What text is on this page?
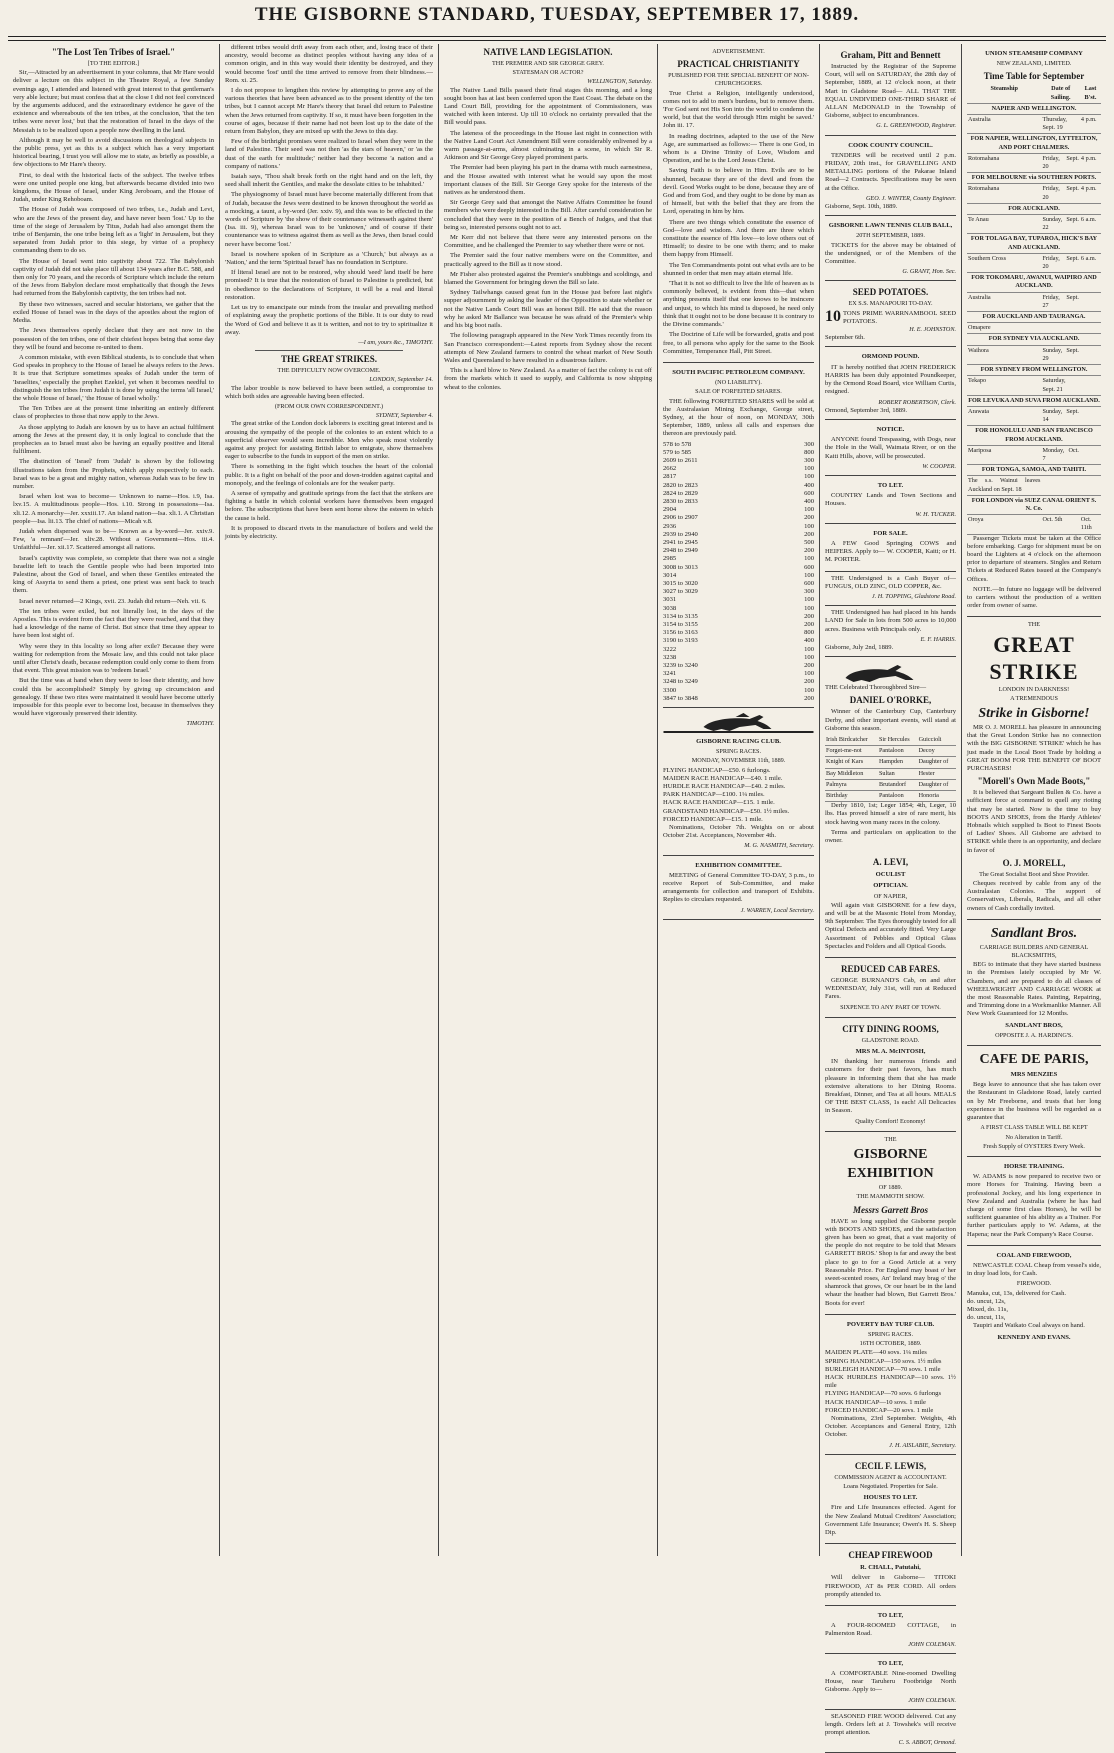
THE GISBORNE STANDARD, TUESDAY, SEPTEMBER 17, 1889.
"The Lost Ten Tribes of Israel."
[TO THE EDITOR.]

Sir,—Attracted by an advertisement in your columns, that Mr Hare would deliver a lecture on this subject in the Theatre Royal, a few Sunday evenings ago, I attended and listened with great interest to that gentleman's very able lecture; but must confess that at the close I did not feel convinced by the arguments adduced, and the extraordinary evidence he gave of the existence and whereabouts of the ten tribes, at the conclusion, 'that the ten tribes were never lost,' but that the restoration of Israel in the days of the Messiah is to be realized upon a people now dwelling in the land.

Although it may be well to avoid discussions on theological subjects in the public press, yet as this is a subject which has a very important historical bearing, I trust you will allow me to state, as briefly as possible, a few objections to Mr Hare's theory.

First, to deal with the historical facts of the subject. The twelve tribes were one united people one king, but afterwards became divided into two kingdoms, the House of Israel, under King Jeroboam, and the House of Judah, under King Rehoboam.

The House of Judah was composed of two tribes, i.e., Judah and Levi, who are the Jews of the present day, and have never been 'lost.' Up to the time of the siege of Jerusalem by Titus, Judah had also amongst them the tribe of Benjamin, the one tribe being left as a 'light' in Jerusalem, but they separated from Judah prior to this siege, by virtue of a prophecy commanding them to do so.

The House of Israel went into captivity about 722. The Babylonish captivity of Judah did not take place till about 134 years after B.C. 588, and then only for 70 years, and the records of Scripture which include the return of the Jews from Babylon declare most emphatically that though the Jews had returned from the Babylonish captivity, the ten tribes had not.

By these two witnesses, sacred and secular historians, we gather that the exiled House of Israel was in the days of the apostles about the region of Media.

The Jews themselves openly declare that they are not now in the possession of the ten tribes, one of their chiefest hopes being that some day they will be found and become re-united to them.

A common mistake, with even Biblical students, is to conclude that when God speaks in prophecy to the House of Israel he always refers to the Jews. It is true that Scripture sometimes speaks of Judah under the term of 'Israelites,' especially the prophet Ezekiel, yet when it becomes needful to distinguish the ten tribes from Judah it is done by using the terms 'all Israel,' the whole House of Israel,' 'the House of Israel wholly.'

The Ten Tribes are at the present time inheriting an entirely different class of prophecies to those that now apply to the Jews.

As those applying to Judah are known by us to have an actual fulfilment among the Jews at the present day, it is only logical to conclude that the prophecies as to Israel must also be having an equally positive and literal fulfilment.

The distinction of 'Israel' from 'Judah' is shown by the following illustrations taken from the Prophets, which apply respectively to each. Israel was to be a great and mighty nation, whereas Judah was to be few in number.

Israel when lost was to become— Unknown to name—Hos. i.9, Isa. lxv.15. A multitudinous people—Hos. i.10. Strong in possessions—Isa. xli.12. A monarchy—Jer. xxxiii.17. An island nation—Isa. xli.1. A Christian people—Isa. lii.13. The chief of nations—Micah v.8.

Judah when dispersed was to be— Known as a by-word—Jer. xxiv.9. Few, 'a remnant'—Jer. xliv.28. Without a Government—Hos. iii.4. Unfaithful—Jer. xii.17. Scattered amongst all nations.

Israel's captivity was complete, so complete that there was not a single Israelite left to teach the Gentile people who had been imported into Palestine, about the God of Israel, and when these Gentiles entreated the king of Assyria to send them a priest, one priest was sent back to teach them.

Israel never returned—2 Kings, xvii. 23. Judah did return—Neh. vii. 6.

The ten tribes were exiled, but not literally lost, in the days of the Apostles. This is evident from the fact that they were reached, and that they had a knowledge of the name of Christ. But since that time they appear to have been lost sight of.

Why were they in this locality so long after exile? Because they were waiting for redemption from the Mosaic law, and this could not take place until after Christ's death, because redemption could only come to them from that event. This great mission was to 'redeem Israel.'

But the time was at hand when they were to lose their identity, and how could this be accomplished? Simply by giving up circumcision and genealogy. If these two rites were maintained it would have become utterly impossible for this people ever to become lost, because in themselves they would have vigorously preserved their identity.

TIMOTHY.

different tribes would drift away from each other, and, losing trace of their ancestry, would become as distinct peoples without having any idea of a common origin, and in this way would their identity be destroyed, and they would become 'lost' until the time arrived to remove from their blindness.—Rom. xi. 25.

I do not propose to lengthen this review by attempting to prove any of the various theories that have been advanced as to the present identity of the ten tribes, but I cannot accept Mr Hare's theory that Israel did return to Palestine when the Jews returned from captivity. If so, it must have been forgotten in the course of ages, because if their name had not been lost up to the date of the return from Babylon, they are mixed up with the Jews to this day.

Few of the birthright promises were realized to Israel when they were in the land of Palestine. Their seed was not then 'as the stars of heaven,' or 'as the dust of the earth for multitude;' neither had they become 'a nation and a company of nations.'

Isaiah says, 'Thou shalt break forth on the right hand and on the left, thy seed shall inherit the Gentiles, and make the desolate cities to be inhabited.'

The physiognomy of Israel must have become materially different from that of Judah, because the Jews were destined to be known throughout the world as a mocking, a taunt, a by-word (Jer. xxiv. 9), and this was to be effected in the words of Scripture by 'the show of their countenance witnesseth against them' (Isa. iii. 9), whereas Israel was to be 'unknown,' and of course if their countenance was to witness against them as well as the Jews, then Israel could never have become 'lost.'

Israel is nowhere spoken of in Scripture as a 'Church,' but always as a 'Nation,' and the term 'Spiritual Israel' has no foundation in Scripture.

If literal Israel are not to be restored, why should 'seed' land itself be here promised? It is true that the restoration of Israel to Palestine is predicted, but in obedience to the declarations of Scripture, it will be a real and literal restoration.

Let us try to emancipate our minds from the insular and prevailing method of explaining away the prophetic portions of the Bible. It is our duty to read the Word of God and believe it as it is written, and not to try to spiritualize it away.

—I am, yours &c., TIMOTHY.
THE GREAT STRIKES.
THE DIFFICULTY NOW OVERCOME.
LONDON, September 14.

The labor trouble is now believed to have been settled, a compromise to which both sides are agreeable having been effected.

(FROM OUR OWN CORRESPONDENT.)
SYDNEY, September 4.

The great strike of the London dock laborers is exciting great interest and is arousing the sympathy of the people of the colonies to an extent which to a superficial observer would seem incredible. Men who speak most violently against any project for assisting British labor to emigrate, show themselves eager to subscribe to the funds in support of the men on strike.

There is something in the fight which touches the heart of the colonial public. It is a fight on behalf of the poor and down-trodden against capital and monopoly, and the feelings of colonials are for the weaker party.

A sense of sympathy and gratitude springs from the fact that the strikers are fighting a battle in which colonial workers have themselves been engaged before. The subscriptions that have been sent home show the esteem in which the cause is held.

It is proposed to discard rivets in the manufacture of boilers and weld the joints by electricity.

NATIVE LAND LEGISLATION.
THE PREMIER AND SIR GEORGE GREY.
STATESMAN OR ACTOR?
WELLINGTON, Saturday.

The Native Land Bills passed their final stages this morning, and a long sought boon has at last been conferred upon the East Coast. The debate on the Land Court Bill, providing for the appointment of Commissioners, was watched with keen interest. Up till 10 o'clock no certainty prevailed that the Bill would pass.

The lateness of the proceedings in the House last night in connection with the Native Land Court Act Amendment Bill were considerably enlivened by a warm passage-at-arms, almost culminating in a scene, in which Sir R. Atkinson and Sir George Grey played prominent parts.

The Premier had been playing his part in the drama with much earnestness, and the House awaited with interest what he would say upon the most important clauses of the Bill. Sir George Grey spoke for the interests of the natives as he understood them.

Sir George Grey said that amongst the Native Affairs Committee he found members who were deeply interested in the Bill. After careful consideration he concluded that they were in the position of a Bench of Judges, and that that being so, interested persons ought not to act.

Mr Kerr did not believe that there were any interested persons on the Committee, and he challenged the Premier to say whether there were or not.

The Premier said the four native members were on the Committee, and practically agreed to the Bill as it now stood.

Mr Fisher also protested against the Premier's snubbings and scoldings, and blamed the Government for bringing down the Bill so late.

Sydney Tailwhangs caused great fun in the House just before last night's supper adjournment by asking the leader of the Opposition to state whether or not the Native Lands Court Bill was an honest Bill. He said that the reason why he asked Mr Ballance was because he was afraid of the Premier's whip and his big boot nails.

The following paragraph appeared in the New York Times recently from its San Francisco correspondent:—Latest reports from Sydney show the recent attempts of New Zealand farmers to control the wheat market of New South Wales and Queensland to have resulted in a disastrous failure.

This is a hard blow to New Zealand. As a matter of fact the colony is cut off from the markets which it used to supply, and California is now shipping wheat to the colonies.

ADVERTISEMENT.
PRACTICAL CHRISTIANITY
PUBLISHED FOR THE SPECIAL BENEFIT OF NON-CHURCHGOERS.

True Christ a Religion, intelligently understood, comes not to add to men's burdens, but to remove them. 'For God sent not His Son into the world to condemn the world, but that the world through Him might be saved.' John iii. 17.

In reading doctrines, adapted to the use of the New Age, are summarised as follows:— There is one God, in whom is a Divine Trinity of Love, Wisdom and Operation, and he is the Lord Jesus Christ.

Saving Faith is to believe in Him. Evils are to be shunned, because they are of the devil and from the devil. Good Works ought to be done, because they are of God and from God, and they ought to be done by man as of himself, but with the belief that they are from the Lord, operating in him by him.

There are two things which constitute the essence of God—love and wisdom. And there are three which constitute the essence of His love—to love others out of Himself; to desire to be one with them; and to make them happy from Himself.

The Ten Commandments point out what evils are to be shunned in order that men may attain eternal life.

'That it is not so difficult to live the life of heaven as is commonly believed, is evident from this—that when anything presents itself that one knows to be insincere and unjust, to which his mind is disposed, he need only think that it ought not to be done because it is contrary to the Divine commands.'

The Doctrine of Life will be forwarded, gratis and post free, to all persons who apply for the same to the Book Committee, Temperance Hall, Pitt Street.

SOUTH PACIFIC PETROLEUM COMPANY.
(NO LIABILITY).
SALE OF FORFEITED SHARES.

THE following FORFEITED SHARES will be sold at the Australasian Mining Exchange, George street, Sydney, at the hour of noon, on MONDAY, 30th September, 1889, unless all calls and expenses due thereon are previously paid.

578 to 578	300
579 to 585	800
2609 to 2611	300
2662	100
2817	100
2820 to 2823	400
2824 to 2829	600
2830 to 2833	400
2904	100
2906 to 2907	200
2936	100
2939 to 2940	200
2941 to 2945	500
2948 to 2949	200
2985	100
3008 to 3013	600
3014	100
3015 to 3020	600
3027 to 3029	300
3031	100
3038	100
3134 to 3135	200
3154 to 3155	200
3156 to 3163	800
3190 to 3193	400
3222	100
3238	100
3239 to 3240	200
3241	100
3248 to 3249	200
3300	100
3847 to 3848	200
GISBORNE RACING CLUB.
SPRING RACES.
MONDAY, NOVEMBER 11th, 1889.
FLYING HANDICAP—£50. 6 furlongs.
MAIDEN RACE HANDICAP—£40. 1 mile.
HURDLE RACE HANDICAP—£40. 2 miles.
PARK HANDICAP—£100. 1¼ miles.
HACK RACE HANDICAP—£15. 1 mile.
GRANDSTAND HANDICAP—£50. 1½ miles.
FORCED HANDICAP—£15. 1 mile.

Nominations, October 7th. Weights on or about October 21st. Acceptances, November 4th.

M. G. NASMITH, Secretary.
EXHIBITION COMMITTEE.

MEETING of General Committee TO-DAY, 3 p.m., to receive Report of Sub-Committee, and make arrangements for collection and transport of Exhibits. Replies to circulars requested.

J. WARREN, Local Secretary.
Graham, Pitt and Bennett

Instructed by the Registrar of the Supreme Court, will sell on SATURDAY, the 28th day of September, 1889, at 12 o'clock noon, at their Mart in Gladstone Road— ALL THAT THE EQUAL UNDIVIDED ONE-THIRD SHARE of ALLAN McDONALD in the Township of Gisborne, subject to encumbrances.

G. L. GREENWOOD, Registrar.
COOK COUNTY COUNCIL.

TENDERS will be received until 2 p.m. FRIDAY, 20th inst., for GRAVELLING AND METALLING portions of the Pakarae Inland Road—2 Contracts. Specifications may be seen at the Office.

GEO. J. WINTER, County Engineer.
Gisborne, Sept. 10th, 1889.
GISBORNE LAWN TENNIS CLUB BALL,
20TH SEPTEMBER, 1889.

TICKETS for the above may be obtained of the undersigned, or of the Members of the Committee.

G. GRANT, Hon. Sec.
SEED POTATOES.
EX S.S. MANAPOURI TO-DAY.
10 TONS PRIME WARRNAMBOOL SEED POTATOES.
H. E. JOHNSTON.
September 6th.
ORMOND POUND.

IT is hereby notified that JOHN FREDERICK HARRIS has been duly appointed Poundkeeper, by the Ormond Road Board, vice William Curtis, resigned.

ROBERT ROBERTSON, Clerk.
Ormond, September 3rd, 1889.
NOTICE.

ANYONE found Trespassing, with Dogs, near the Hole in the Wall, Waimata River, or on the Kaiti Hills, above, will be prosecuted.

W. COOPER.
TO LET.

COUNTRY Lands and Town Sections and Houses.

W. H. TUCKER.
FOR SALE.

A FEW Good Springing COWS and HEIFERS. Apply to— W. COOPER, Kaiti; or H. M. PORTER.

THE Undersigned is a Cash Buyer of— FUNGUS, OLD ZINC, OLD COPPER, &c.

J. H. TOPPING, Gladstone Road.

THE Undersigned has had placed in his hands LAND for Sale in lots from 500 acres to 10,000 acres. Business with Principals only.

E. F. HARRIS.
Gisborne, July 2nd, 1889.
THE Celebrated Thoroughbred Sire—
DANIEL O'RORKE,

Winner of the Canterbury Cup, Canterbury Derby, and other important events, will stand at Gisborne this season.

Irish Birdcatcher	Sir Hercules	Guiccioli
Forget-me-not	Pantaloon	Decoy
Knight of Kars	Hampden	Daughter of
Bay Middleton	Sultan	Hester
Palmyra	Brutandorf	Daughter of
Birthday	Pantaloon	Honoria

Derby 1810, 1st; Leger 1854; 4th, Leger, 10 lbs. Has proved himself a sire of rare merit, his stock having won many races in the colony.

Terms and particulars on application to the owner.

A. LEVI,
OCULIST
OPTICIAN.
OF NAPIER,

Will again visit GISBORNE for a few days, and will be at the Masonic Hotel from Monday, 9th September. The Eyes thoroughly tested for all Optical Defects and accurately fitted. Very Large Assortment of Pebbles and Optical Glass Spectacles and Folders and all Optical Goods.

REDUCED CAB FARES.

GEORGE BURNAND'S Cab, on and after WEDNESDAY, July 31st, will run at Reduced Fares.

SIXPENCE TO ANY PART OF TOWN.
CITY DINING ROOMS,
GLADSTONE ROAD.
MRS M. A. McINTOSH,

IN thanking her numerous friends and customers for their past favors, has much pleasure in informing them that she has made extensive alterations to her Dining Rooms. Breakfast, Dinner, and Tea at all hours. MEALS OF THE BEST CLASS, 1s each! All Delicacies in Season.

Quality Comfort! Economy!
THE
GISBORNE
EXHIBITION
OF 1889.
THE MAMMOTH SHOW.
Messrs Garrett Bros

HAVE so long supplied the Gisborne people with BOOTS AND SHOES, and the satisfaction given has been so great, that a vast majority of the people do not require to be told that Messrs GARRETT BROS.' Shop is far and away the best place to go to for a Good Article at a very Reasonable Price. For England may boast o' her sweet-scented roses, An' Ireland may brag o' the shamrock that grows, Or our heart be in the land whaur the heather had blown, But Garrett Bros.' Boots for ever!

POVERTY BAY TURF CLUB.
SPRING RACES.
16TH OCTOBER, 1889.
MAIDEN PLATE—40 sovs. 1¼ miles
SPRING HANDICAP—150 sovs. 1½ miles
BURLEIGH HANDICAP—70 sovs. 1 mile
HACK HURDLES HANDICAP—10 sovs. 1½ mile
FLYING HANDICAP—70 sovs. 6 furlongs
HACK HANDICAP—10 sovs. 1 mile
FORCED HANDICAP—20 sovs. 1 mile

Nominations, 23rd September. Weights, 4th October. Acceptances and General Entry, 12th October.

J. H. AISLABIE, Secretary.
CECIL F. LEWIS,
COMMISSION AGENT & ACCOUNTANT.
Loans Negotiated. Properties for Sale.
HOUSES TO LET.

Fire and Life Insurances effected. Agent for the New Zealand Mutual Creditors' Association; Government Life Insurance; Owen's H. S. Sheep Dip.

CHEAP FIREWOOD
R. CHALL, Patutahi,

Will deliver in Gisborne— TITOKI FIREWOOD, AT 8s PER CORD. All orders promptly attended to.

TO LET,

A FOUR-ROOMED COTTAGE, in Palmerston Road.

JOHN COLEMAN.
TO LET,

A COMFORTABLE Nine-roomed Dwelling House, near Taruheru Footbridge North Gisborne. Apply to—

JOHN COLEMAN.

SEASONED FIRE WOOD delivered. Cut any length. Orders left at J. Towshek's will receive prompt attention.

C. S. ABBOT, Ormond.
UNION STEAMSHIP COMPANY
NEW ZEALAND, LIMITED.
Time Table for September
Steamship	Date of Sailing.	Last B'st.
NAPIER AND WELLINGTON.		
Australia	Thursday, Sept. 19	4 p.m.
FOR NAPIER, WELLINGTON, LYTTELTON, AND PORT CHALMERS.		
Rotomahana	Friday, Sept. 20	4 p.m.
FOR MELBOURNE via SOUTHERN PORTS.		
Rotomahana	Friday, Sept. 20	4 p.m.
FOR AUCKLAND.		
Te Anau	Sunday, Sept. 22	6 a.m.
FOR TOLAGA BAY, TUPAROA, HICK'S BAY AND AUCKLAND.		
Southern Cross	Friday, Sept. 20	6 a.m.
FOR TOKOMARU, AWANUI, WAIPIRO AND AUCKLAND.		
Australia	Friday, Sept. 27	
FOR AUCKLAND AND TAURANGA.		
Omapere		
FOR SYDNEY VIA AUCKLAND.		
Waihora	Sunday, Sept. 29	
FOR SYDNEY FROM WELLINGTON.		
Tekapo	Saturday, Sept. 21	
FOR LEVUKA AND SUVA FROM AUCKLAND.		
Arawata	Sunday, Sept. 14	
FOR HONOLULU AND SAN FRANCISCO FROM AUCKLAND.		
Mariposa	Monday, Oct. 7	
FOR TONGA, SAMOA, AND TAHITI.		
The s.s. Wainui leaves Auckland on Sept. 18		
FOR LONDON via SUEZ CANAL ORIENT S. N. Co.		
Oroya	Oct. 5th	Oct. 11th

Passenger Tickets must be taken at the Office before embarking. Cargo for shipment must be on board the Lighters at 4 o'clock on the afternoon prior to departure of steamers. Singles and Return Tickets at Reduced Rates issued at the Company's Offices.

NOTE.—In future no luggage will be delivered to carriers without the production of a written order from owner of same.

THE
GREAT
STRIKE
LONDON IN DARKNESS!
A TREMENDOUS
Strike in Gisborne!

MR O. J. MORELL has pleasure in announcing that the Great London Strike has no connection with the BIG GISBORNE 'STRIKE' which he has just made in the Local Boot Trade by holding a GREAT BOOM FOR THE BENEFIT OF BOOT PURCHASERS!

"Morell's Own Made Boots,"

It is believed that Sargeant Bullen & Co. have a sufficient force at command to quell any rioting that may be started. Now is the time to buy BOOTS AND SHOES, from the Hardy Athletes' Hobnails which supplied Is Boot to Finest Boots of Ladies' Shoes. All Gisborne are advised to STRIKE while there is an opportunity, and declare in favor of

O. J. MORELL,
The Great Socialist Boot and Shoe Provider.

Cheques received by cable from any of the Australasian Colonies. The support of Conservatives, Liberals, Radicals, and all other owners of Cash cordially invited.

Sandlant Bros.
CARRIAGE BUILDERS AND GENERAL BLACKSMITHS,

BEG to intimate that they have started business in the Premises lately occupied by Mr W. Chambers, and are prepared to do all classes of WHEELWRIGHT AND CARRIAGE WORK at the most Reasonable Rates. Painting, Repairing, and Trimming done in a Workmanlike Manner. All New Work Guaranteed for 12 Months.

SANDLANT BROS,
OPPOSITE J. A. HARDING'S.
CAFE DE PARIS,
MRS MENZIES

Begs leave to announce that she has taken over the Restaurant in Gladstone Road, lately carried on by Mr Freeborne, and trusts that her long experience in the business will be regarded as a guarantee that

A FIRST CLASS TABLE WILL BE KEPT
No Alteration in Tariff.
Fresh Supply of OYSTERS Every Week.
HORSE TRAINING.

W. ADAMS is now prepared to receive two or more Horses for Training. Having been a professional Jockey, and his long experience in New Zealand and Australia (where he has had charge of some first class Horses), he will be sufficient guarantee of his ability as a Trainer. For further particulars apply to W. Adams, at the Hapena; near the Park Company's Race Course.

COAL AND FIREWOOD,

NEWCASTLE COAL Cheap from vessel's side, in dray load lots, for Cash.

FIREWOOD.
Manuka, cut, 13s, delivered for Cash.
do. uncut, 12s,
Mixed, do. 11s,
do. uncut, 11s,

Taupiri and Waikato Coal always on hand.

KENNEDY AND EVANS.
